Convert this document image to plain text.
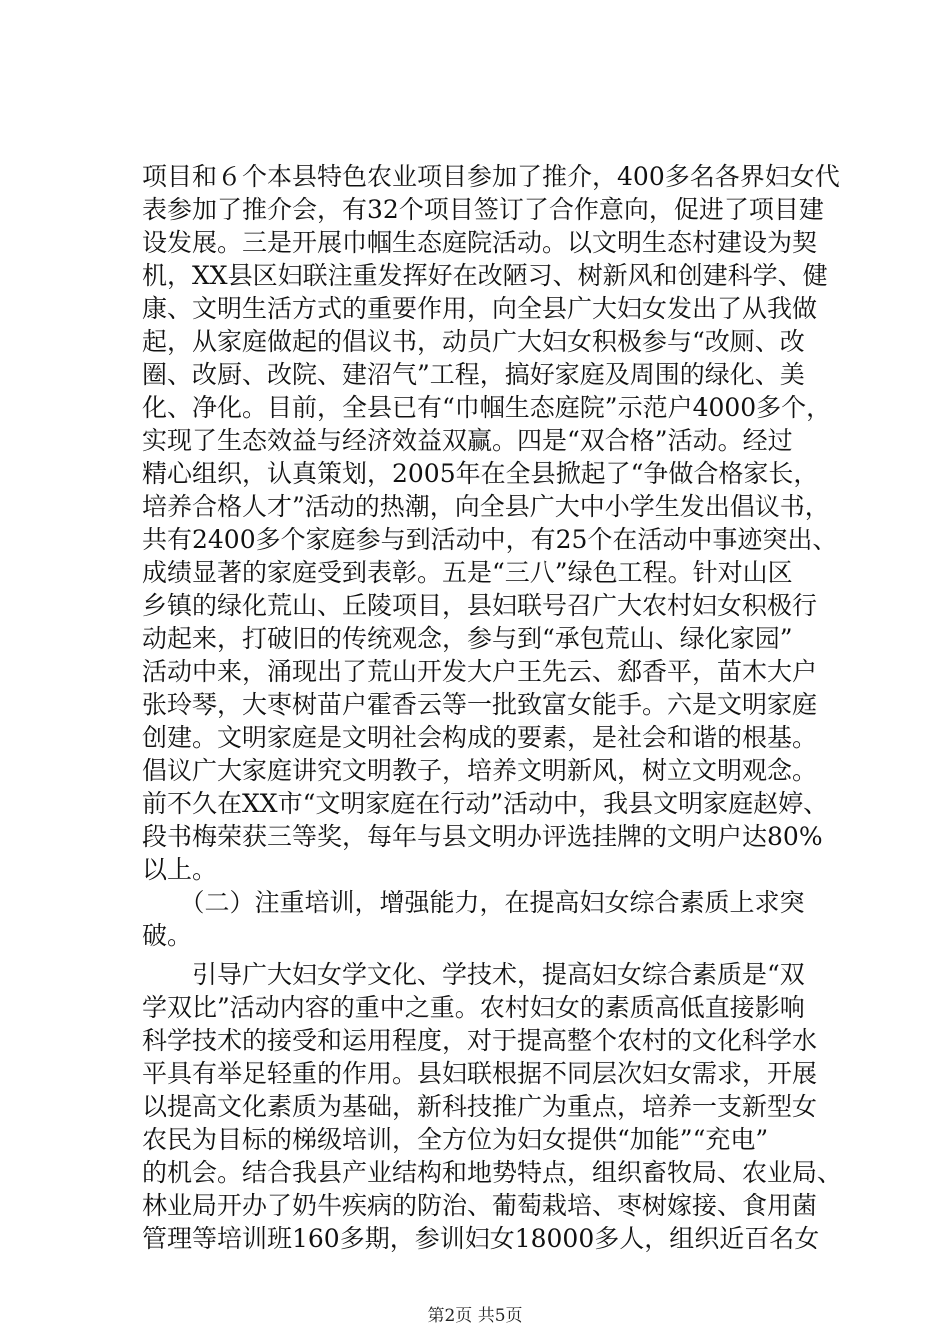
项目和６个本县特色农业项目参加了推介，400多名各界妇女代
表参加了推介会，有32个项目签订了合作意向，促进了项目建
设发展。三是开展巾帼生态庭院活动。以文明生态村建设为契
机，XX县区妇联注重发挥好在改陋习、树新风和创建科学、健
康、文明生活方式的重要作用，向全县广大妇女发出了从我做
起，从家庭做起的倡议书，动员广大妇女积极参与“改厕、改
圈、改厨、改院、建沼气”工程，搞好家庭及周围的绿化、美
化、净化。目前，全县已有“巾帼生态庭院”示范户4000多个，
实现了生态效益与经济效益双赢。四是“双合格”活动。经过
精心组织，认真策划，2005年在全县掀起了“争做合格家长，
培养合格人才”活动的热潮，向全县广大中小学生发出倡议书，
共有2400多个家庭参与到活动中，有25个在活动中事迹突出、
成绩显著的家庭受到表彰。五是“三八”绿色工程。针对山区
乡镇的绿化荒山、丘陵项目，县妇联号召广大农村妇女积极行
动起来，打破旧的传统观念，参与到“承包荒山、绿化家园”
活动中来，涌现出了荒山开发大户王先云、郄香平，苗木大户
张玲琴，大枣树苗户霍香云等一批致富女能手。六是文明家庭
创建。文明家庭是文明社会构成的要素，是社会和谐的根基。
倡议广大家庭讲究文明教子，培养文明新风，树立文明观念。
前不久在XX市“文明家庭在行动”活动中，我县文明家庭赵婷、
段书梅荣获三等奖，每年与县文明办评选挂牌的文明户达80%
以上。
　　（二）注重培训，增强能力，在提高妇女综合素质上求突
破。
　　引导广大妇女学文化、学技术，提高妇女综合素质是“双
学双比”活动内容的重中之重。农村妇女的素质高低直接影响
科学技术的接受和运用程度，对于提高整个农村的文化科学水
平具有举足轻重的作用。县妇联根据不同层次妇女需求，开展
以提高文化素质为基础，新科技推广为重点，培养一支新型女
农民为目标的梯级培训，全方位为妇女提供“加能”“充电”
的机会。结合我县产业结构和地势特点，组织畜牧局、农业局、
林业局开办了奶牛疾病的防治、葡萄栽培、枣树嫁接、食用菌
管理等培训班160多期，参训妇女18000多人，组织近百名女
第2页 共5页
